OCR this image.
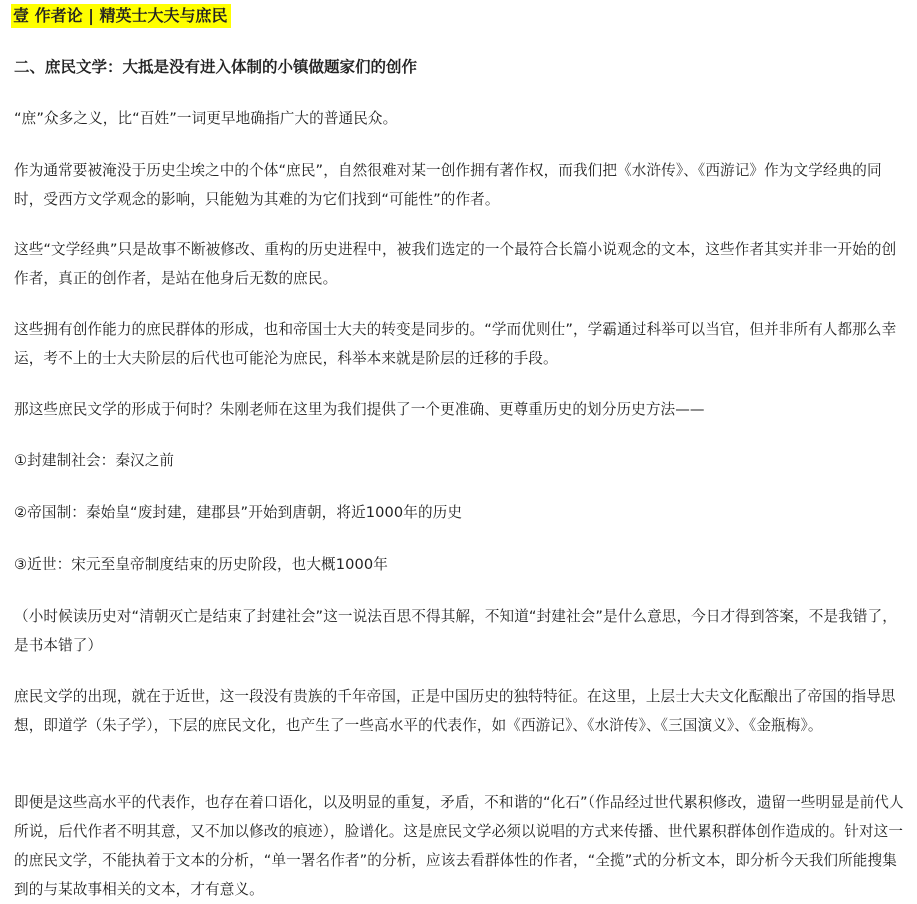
壹 作者论 | 精英士大夫与庶民

二、庶民文学：大抵是没有进入体制的小镇做题家们的创作

“庶”众多之义，比“百姓”一词更早地确指广大的普通民众。

作为通常要被淹没于历史尘埃之中的个体“庶民”，自然很难对某一创作拥有著作权，而我们把《水浒传》、《西游记》作为文学经典的同时，受西方文学观念的影响，只能勉为其难的为它们找到“可能性”的作者。

这些“文学经典”只是故事不断被修改、重构的历史进程中，被我们选定的一个最符合长篇小说观念的文本，这些作者其实并非一开始的创作者，真正的创作者，是站在他身后无数的庶民。

这些拥有创作能力的庶民群体的形成，也和帝国士大夫的转变是同步的。“学而优则仕”，学霸通过科举可以当官，但并非所有人都那么幸运，考不上的士大夫阶层的后代也可能沦为庶民，科举本来就是阶层的迁移的手段。

那这些庶民文学的形成于何时？朱刚老师在这里为我们提供了一个更准确、更尊重历史的划分历史方法——

①封建制社会：秦汉之前

②帝国制：秦始皇“废封建，建郡县”开始到唐朝，将近1000年的历史

③近世：宋元至皇帝制度结束的历史阶段，也大概1000年

（小时候读历史对“清朝灭亡是结束了封建社会”这一说法百思不得其解，不知道“封建社会”是什么意思，今日才得到答案，不是我错了，是书本错了）

庶民文学的出现，就在于近世，这一段没有贵族的千年帝国，正是中国历史的独特特征。在这里，上层士大夫文化酝酿出了帝国的指导思想，即道学（朱子学），下层的庶民文化，也产生了一些高水平的代表作，如《西游记》、《水浒传》、《三国演义》、《金瓶梅》。

即便是这些高水平的代表作，也存在着口语化，以及明显的重复，矛盾，不和谐的“化石”（作品经过世代累积修改，遗留一些明显是前代人所说，后代作者不明其意，又不加以修改的痕迹），脸谱化。这是庶民文学必须以说唱的方式来传播、世代累积群体创作造成的。针对这一的庶民文学，不能执着于文本的分析，“单一署名作者”的分析，应该去看群体性的作者，“全揽”式的分析文本，即分析今天我们所能搜集到的与某故事相关的文本，才有意义。
